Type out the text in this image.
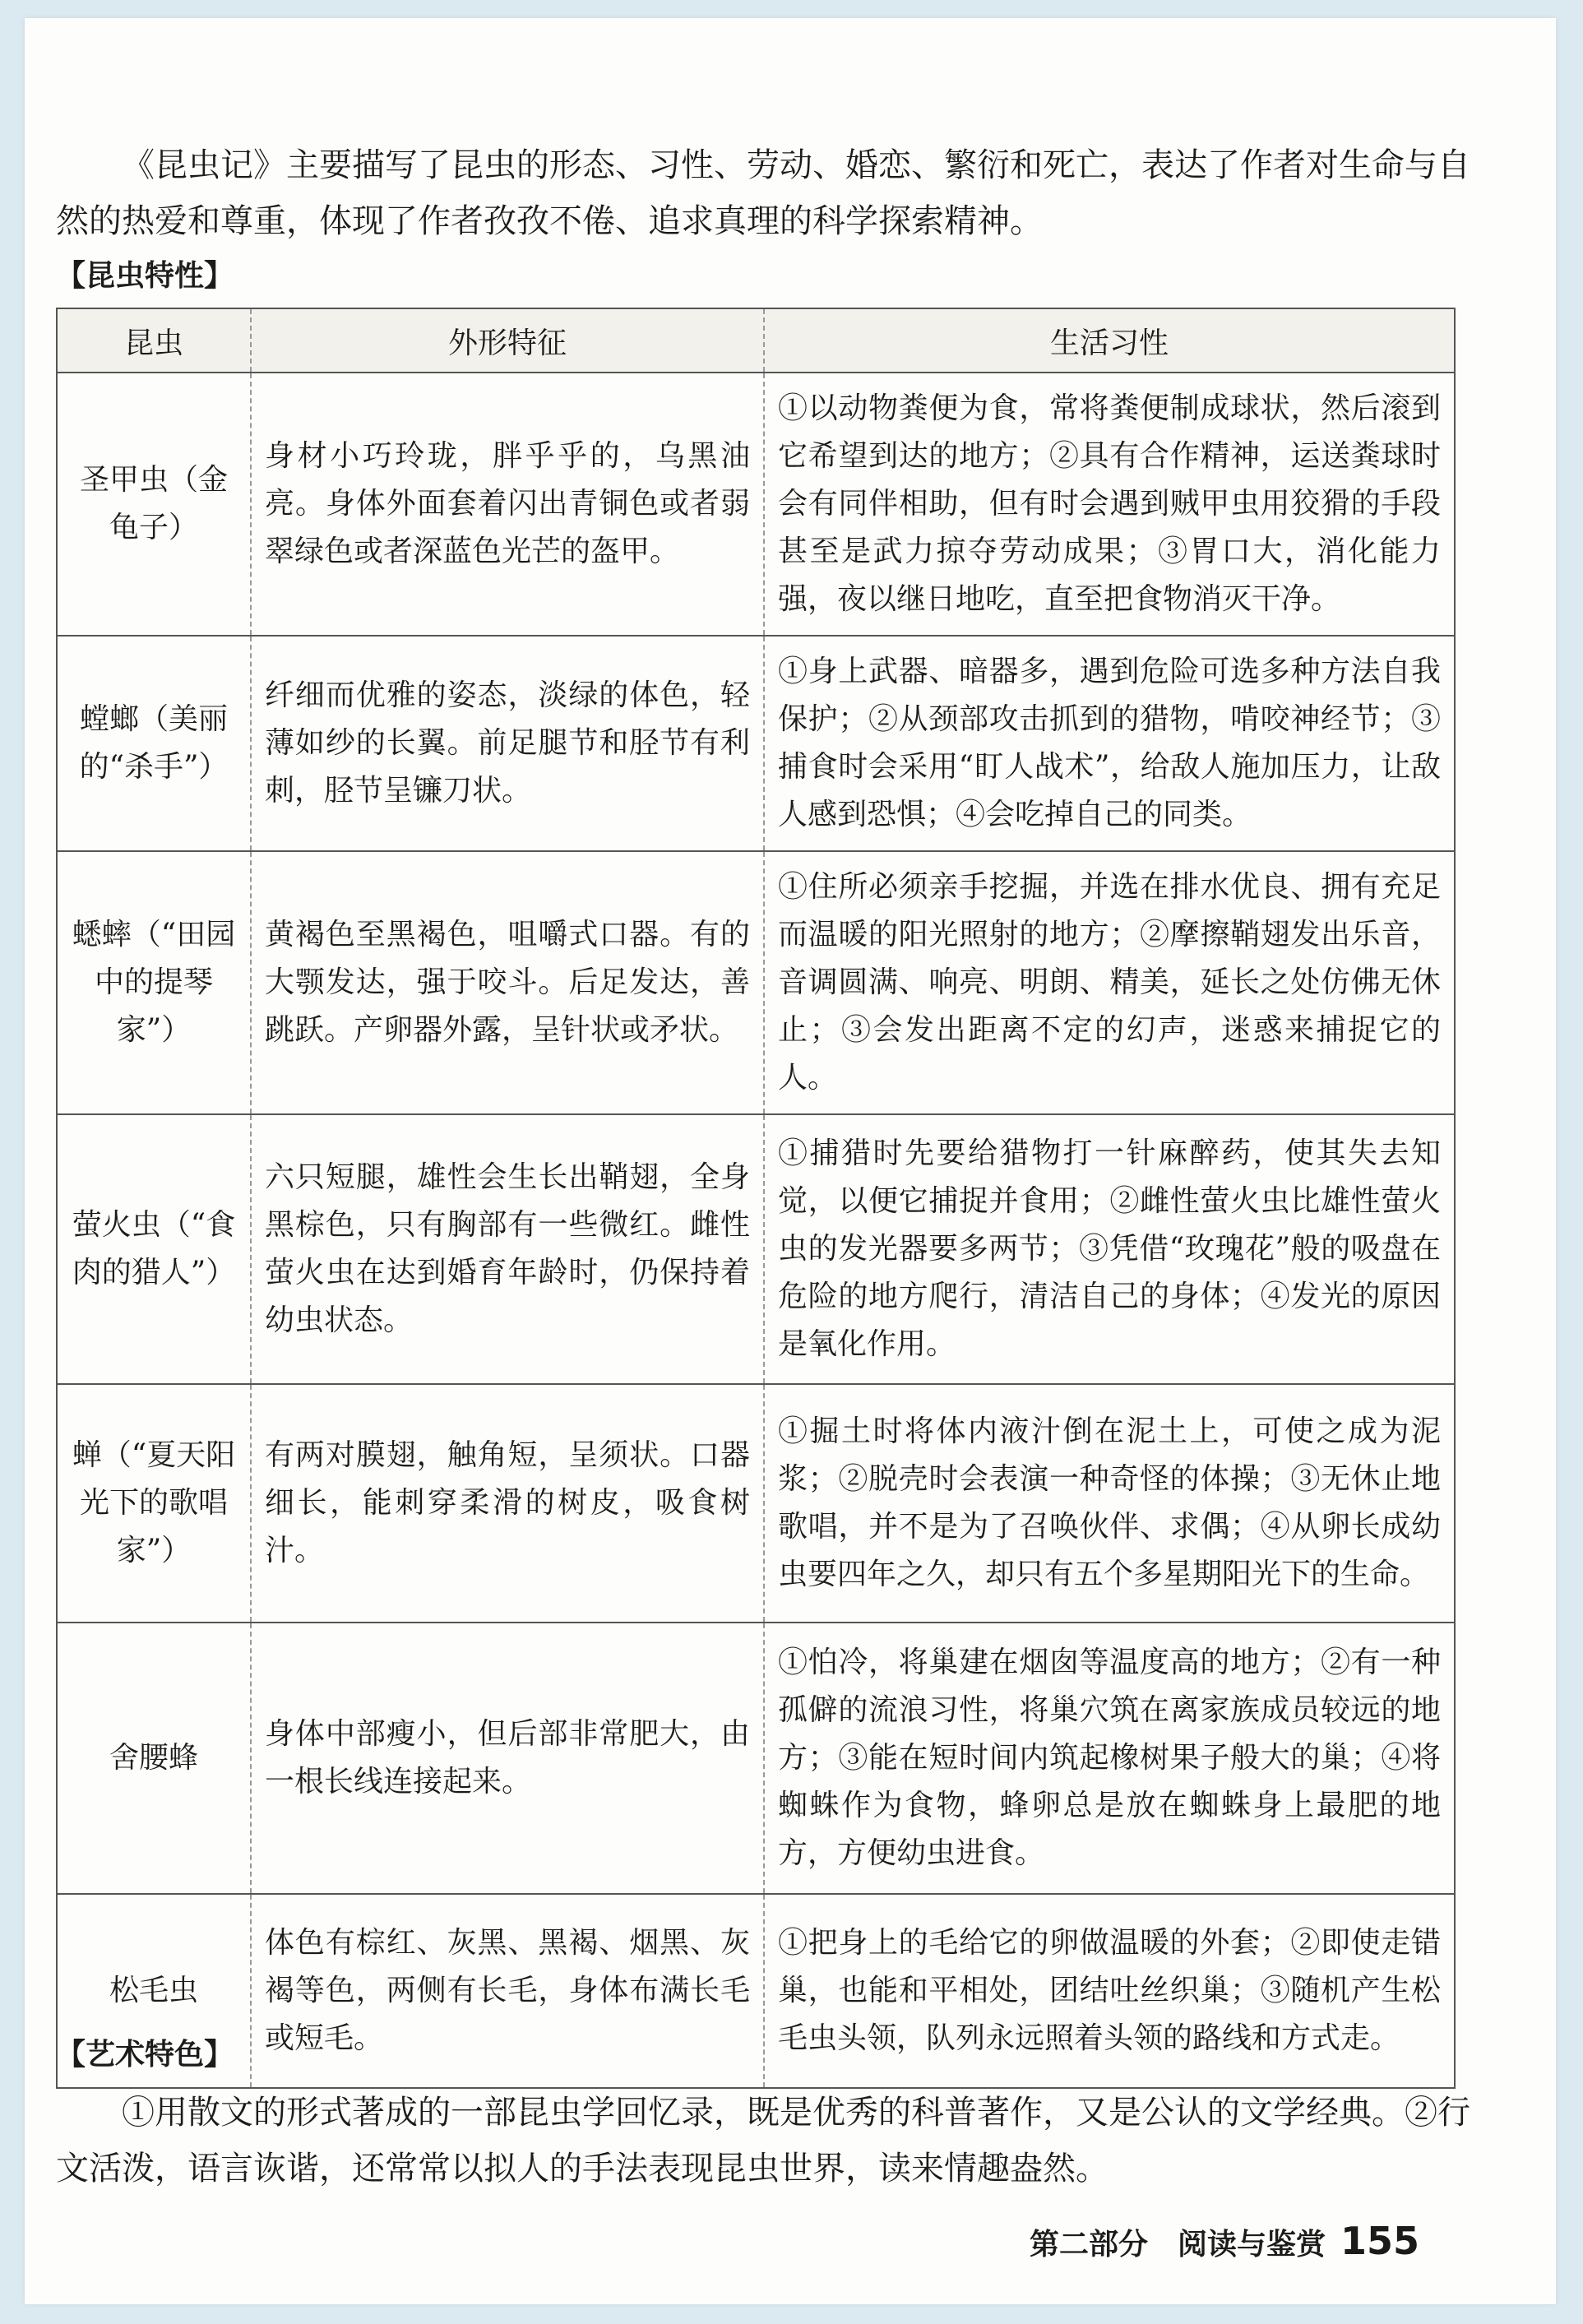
《昆虫记》主要描写了昆虫的形态、习性、劳动、婚恋、繁衍和死亡，表达了作者对生命与自然的热爱和尊重，体现了作者孜孜不倦、追求真理的科学探索精神。

【昆虫特性】
昆虫	外形特征	生活习性
圣甲虫（金龟子）	身材小巧玲珑，胖乎乎的，乌黑油亮。身体外面套着闪出青铜色或者弱翠绿色或者深蓝色光芒的盔甲。	①以动物粪便为食，常将粪便制成球状，然后滚到它希望到达的地方；②具有合作精神，运送粪球时会有同伴相助，但有时会遇到贼甲虫用狡猾的手段甚至是武力掠夺劳动成果；③胃口大，消化能力强，夜以继日地吃，直至把食物消灭干净。
螳螂（美丽的“杀手”）	纤细而优雅的姿态，淡绿的体色，轻薄如纱的长翼。前足腿节和胫节有利刺，胫节呈镰刀状。	①身上武器、暗器多，遇到危险可选多种方法自我保护；②从颈部攻击抓到的猎物，啃咬神经节；③捕食时会采用“盯人战术”，给敌人施加压力，让敌人感到恐惧；④会吃掉自己的同类。
蟋蟀（“田园中的提琴家”）	黄褐色至黑褐色，咀嚼式口器。有的大颚发达，强于咬斗。后足发达，善跳跃。产卵器外露，呈针状或矛状。	①住所必须亲手挖掘，并选在排水优良、拥有充足而温暖的阳光照射的地方；②摩擦鞘翅发出乐音，音调圆满、响亮、明朗、精美，延长之处仿佛无休止；③会发出距离不定的幻声，迷惑来捕捉它的人。
萤火虫（“食肉的猎人”）	六只短腿，雄性会生长出鞘翅，全身黑棕色，只有胸部有一些微红。雌性萤火虫在达到婚育年龄时，仍保持着幼虫状态。	①捕猎时先要给猎物打一针麻醉药，使其失去知觉，以便它捕捉并食用；②雌性萤火虫比雄性萤火虫的发光器要多两节；③凭借“玫瑰花”般的吸盘在危险的地方爬行，清洁自己的身体；④发光的原因是氧化作用。
蝉（“夏天阳光下的歌唱家”）	有两对膜翅，触角短，呈须状。口器细长，能刺穿柔滑的树皮，吸食树汁。	①掘土时将体内液汁倒在泥土上，可使之成为泥浆；②脱壳时会表演一种奇怪的体操；③无休止地歌唱，并不是为了召唤伙伴、求偶；④从卵长成幼虫要四年之久，却只有五个多星期阳光下的生命。
舍腰蜂	身体中部瘦小，但后部非常肥大，由一根长线连接起来。	①怕冷，将巢建在烟囱等温度高的地方；②有一种孤僻的流浪习性，将巢穴筑在离家族成员较远的地方；③能在短时间内筑起橡树果子般大的巢；④将蜘蛛作为食物，蜂卵总是放在蜘蛛身上最肥的地方，方便幼虫进食。
松毛虫	体色有棕红、灰黑、黑褐、烟黑、灰褐等色，两侧有长毛，身体布满长毛或短毛。	①把身上的毛给它的卵做温暖的外套；②即使走错巢，也能和平相处，团结吐丝织巢；③随机产生松毛虫头领，队列永远照着头领的路线和方式走。
【艺术特色】

①用散文的形式著成的一部昆虫学回忆录，既是优秀的科普著作，又是公认的文学经典。②行文活泼，语言诙谐，还常常以拟人的手法表现昆虫世界，读来情趣盎然。

第二部分　阅读与鉴赏 155
